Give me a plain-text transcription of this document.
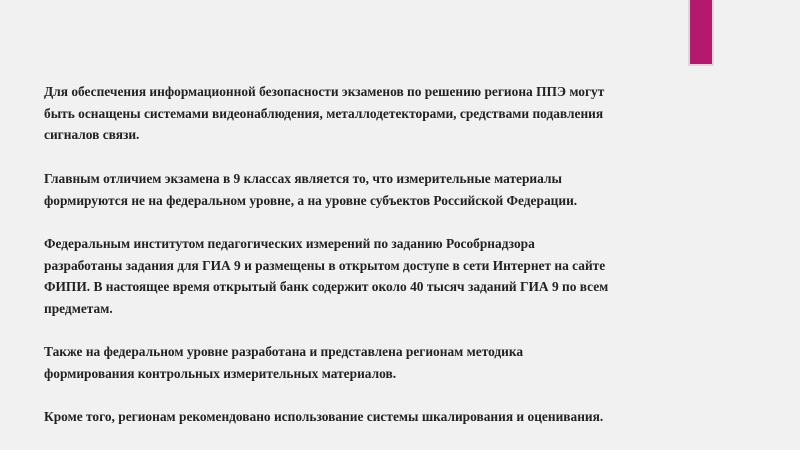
Для обеспечения информационной безопасности экзаменов по решению региона ППЭ могут
быть оснащены системами видеонаблюдения, металлодетекторами, средствами подавления
сигналов связи.

Главным отличием экзамена в 9 классах является то, что измерительные материалы
формируются не на федеральном уровне, а на уровне субъектов Российской Федерации.

Федеральным институтом педагогических измерений по заданию Рособрнадзора
разработаны задания для ГИА 9 и размещены в открытом доступе в сети Интернет на сайте
ФИПИ. В настоящее время открытый банк содержит около 40 тысяч заданий ГИА 9 по всем
предметам.

Также на федеральном уровне разработана и представлена регионам методика
формирования контрольных измерительных материалов.

Кроме того, регионам рекомендовано использование системы шкалирования и оценивания.
